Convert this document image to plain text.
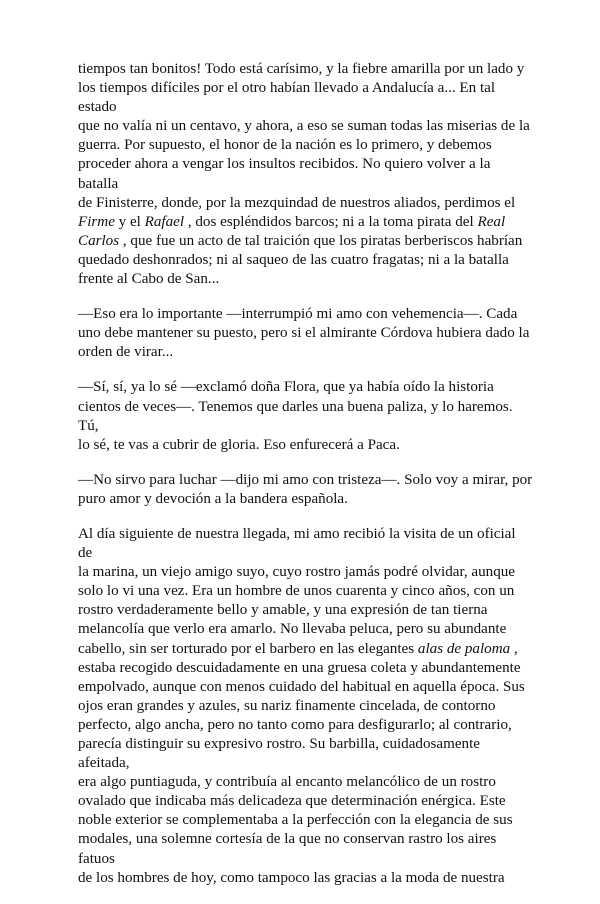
tiempos tan bonitos! Todo está carísimo, y la fiebre amarilla por un lado y
los tiempos difíciles por el otro habían llevado a Andalucía a... En tal estado
que no valía ni un centavo, y ahora, a eso se suman todas las miserias de la
guerra. Por supuesto, el honor de la nación es lo primero, y debemos
proceder ahora a vengar los insultos recibidos. No quiero volver a la batalla
de Finisterre, donde, por la mezquindad de nuestros aliados, perdimos el
Firme y el Rafael , dos espléndidos barcos; ni a la toma pirata del Real
Carlos , que fue un acto de tal traición que los piratas berberiscos habrían
quedado deshonrados; ni al saqueo de las cuatro fragatas; ni a la batalla
frente al Cabo de San...

—Eso era lo importante —interrumpió mi amo con vehemencia—. Cada
uno debe mantener su puesto, pero si el almirante Córdova hubiera dado la
orden de virar...

—Sí, sí, ya lo sé —exclamó doña Flora, que ya había oído la historia
cientos de veces—. Tenemos que darles una buena paliza, y lo haremos. Tú,
lo sé, te vas a cubrir de gloria. Eso enfurecerá a Paca.

—No sirvo para luchar —dijo mi amo con tristeza—. Solo voy a mirar, por
puro amor y devoción a la bandera española.

Al día siguiente de nuestra llegada, mi amo recibió la visita de un oficial de
la marina, un viejo amigo suyo, cuyo rostro jamás podré olvidar, aunque
solo lo vi una vez. Era un hombre de unos cuarenta y cinco años, con un
rostro verdaderamente bello y amable, y una expresión de tan tierna
melancolía que verlo era amarlo. No llevaba peluca, pero su abundante
cabello, sin ser torturado por el barbero en las elegantes alas de paloma ,
estaba recogido descuidadamente en una gruesa coleta y abundantemente
empolvado, aunque con menos cuidado del habitual en aquella época. Sus
ojos eran grandes y azules, su nariz finamente cincelada, de contorno
perfecto, algo ancha, pero no tanto como para desfigurarlo; al contrario,
parecía distinguir su expresivo rostro. Su barbilla, cuidadosamente afeitada,
era algo puntiaguda, y contribuía al encanto melancólico de un rostro
ovalado que indicaba más delicadeza que determinación enérgica. Este
noble exterior se complementaba a la perfección con la elegancia de sus
modales, una solemne cortesía de la que no conservan rastro los aires fatuos
de los hombres de hoy, como tampoco las gracias a la moda de nuestra
